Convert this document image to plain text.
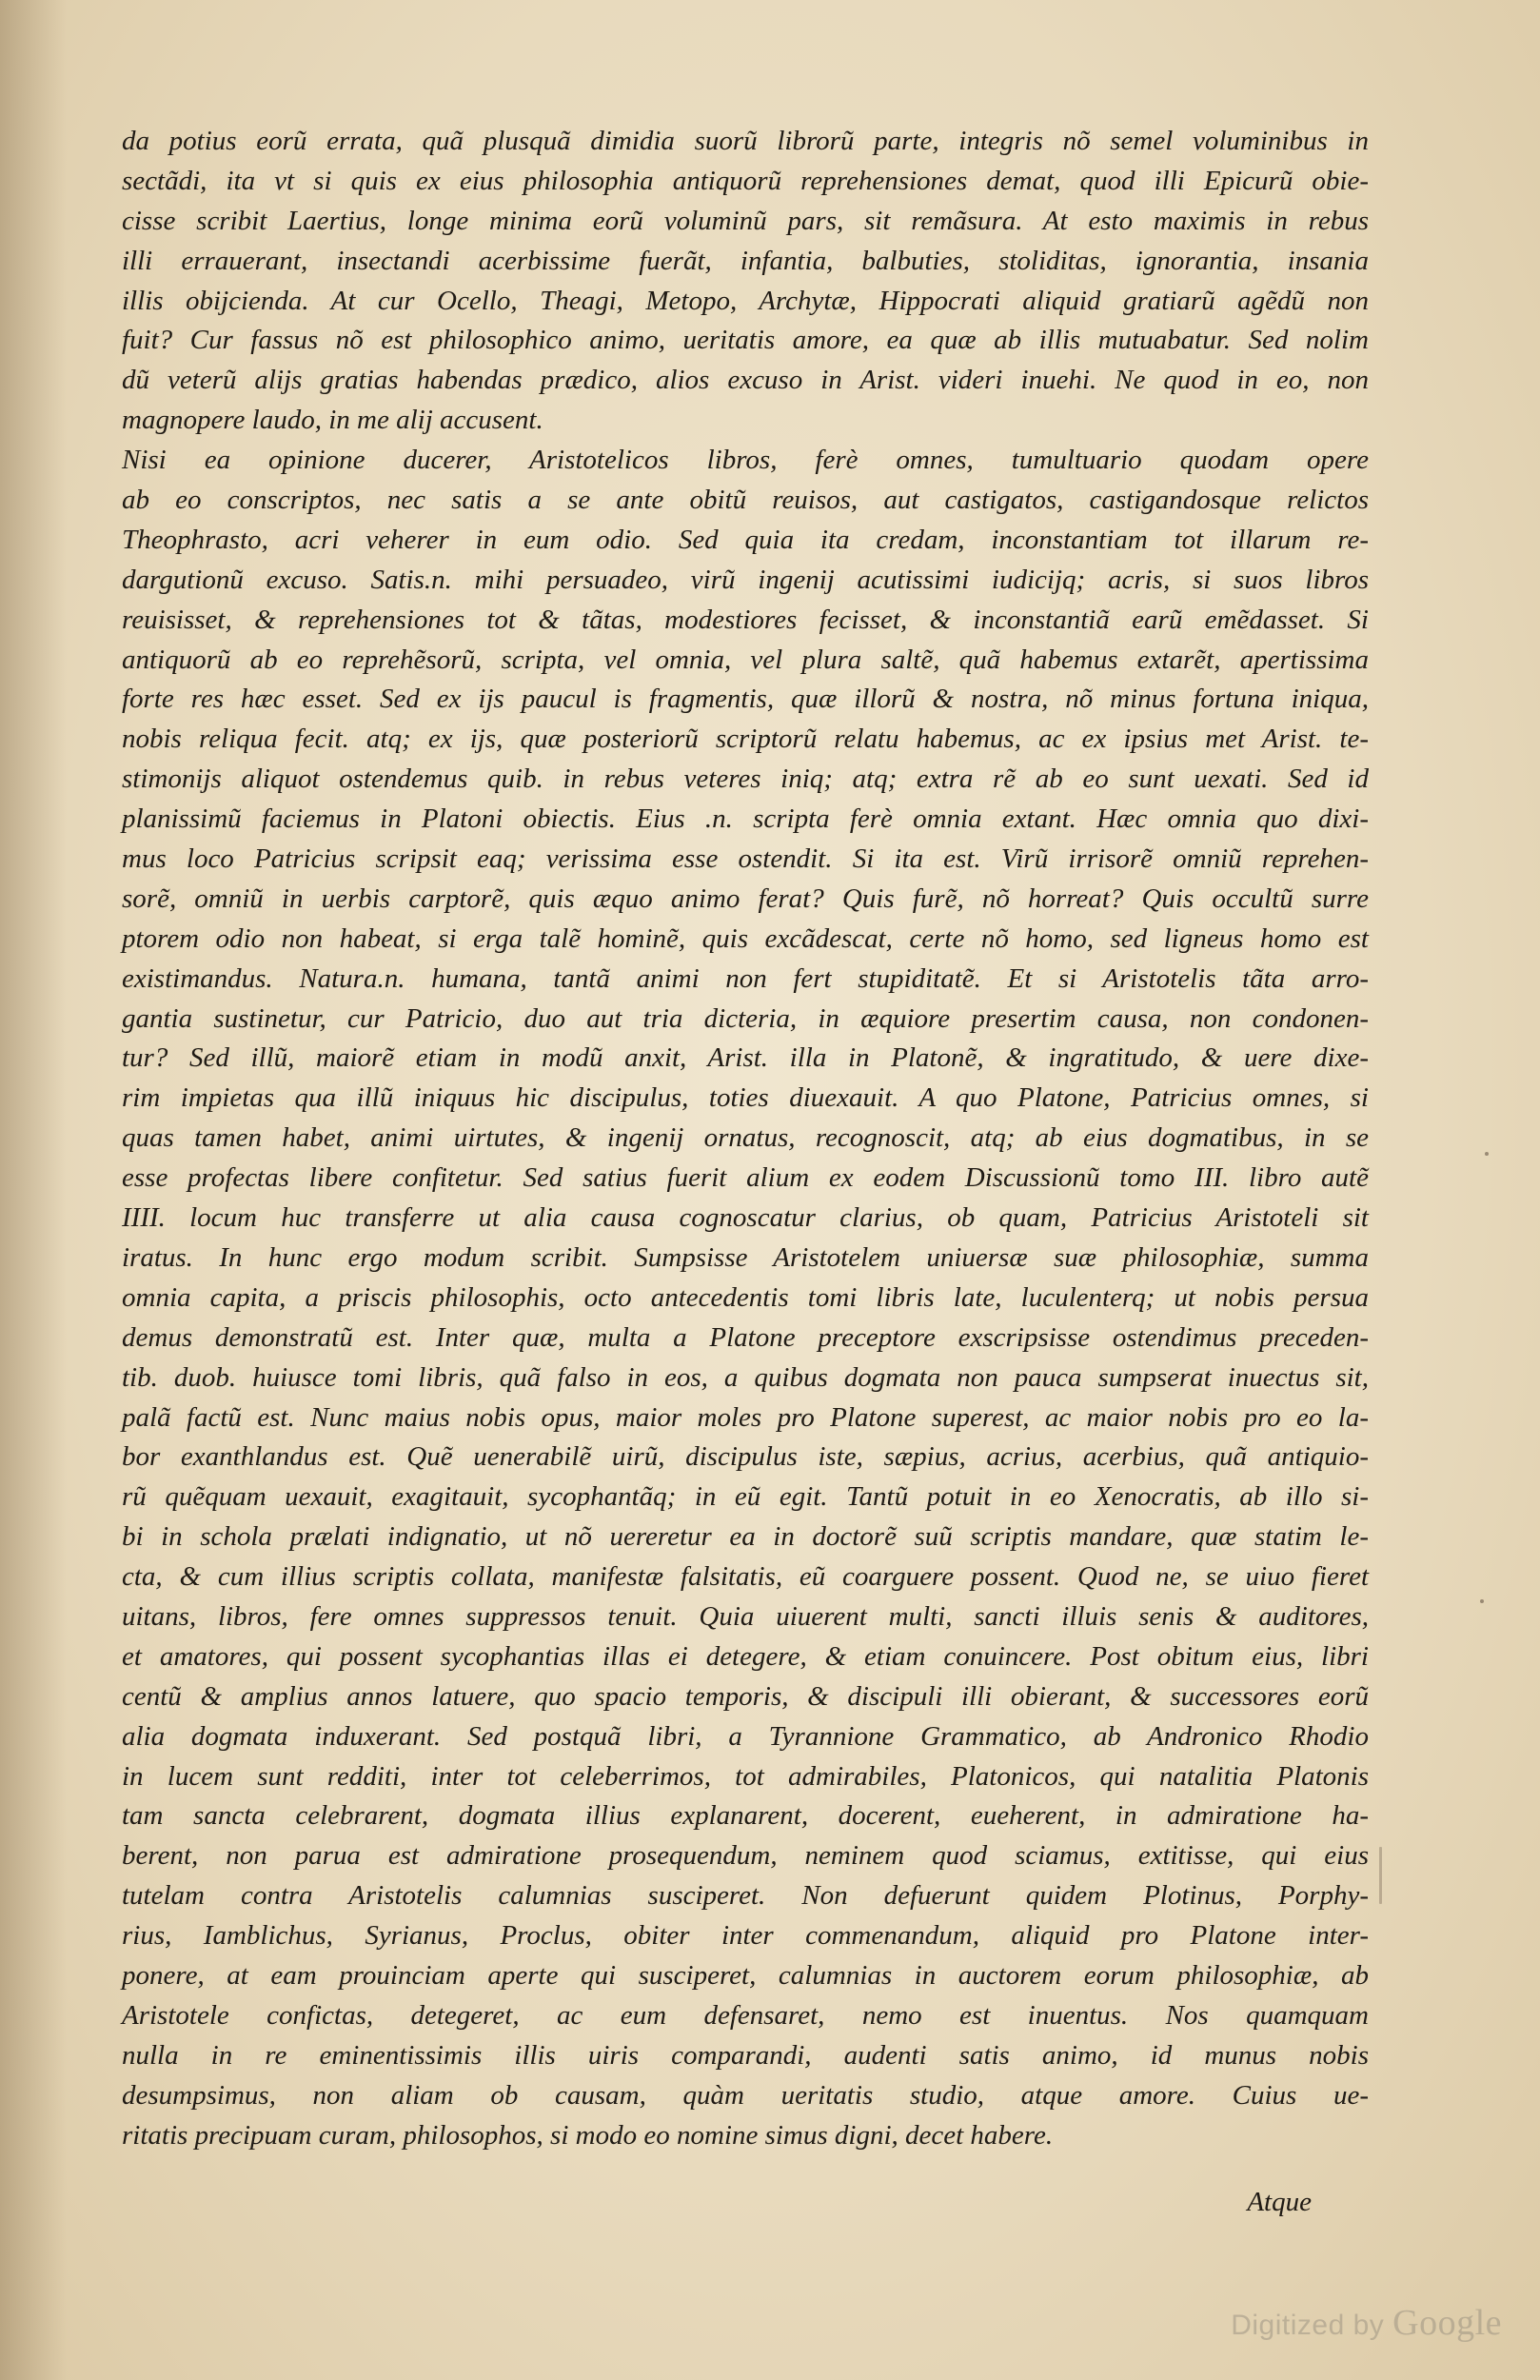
da potius eorũ errata, quã plusquã dimidia suorũ librorũ parte, integris nõ semel voluminibus in
sectãdi, ita vt si quis ex eius philosophia antiquorũ reprehensiones demat, quod illi Epicurũ obie-
cisse scribit Laertius, longe minima eorũ voluminũ pars, sit remãsura. At esto maximis in rebus
illi errauerant, insectandi acerbissime fuerãt, infantia, balbuties, stoliditas, ignorantia, insania
illis obijcienda. At cur Ocello, Theagi, Metopo, Archytæ, Hippocrati aliquid gratiarũ agẽdũ non
fuit? Cur fassus nõ est philosophico animo, ueritatis amore, ea quæ ab illis mutuabatur. Sed nolim
dũ veterũ alijs gratias habendas prædico, alios excuso in Arist. videri inuehi. Ne quod in eo, non
magnopere laudo, in me alij accusent.
Nisi ea opinione ducerer, Aristotelicos libros, ferè omnes, tumultuario quodam opere
ab eo conscriptos, nec satis a se ante obitũ reuisos, aut castigatos, castigandosque relictos
Theophrasto, acri veherer in eum odio. Sed quia ita credam, inconstantiam tot illarum re-
dargutionũ excuso. Satis.n. mihi persuadeo, virũ ingenij acutissimi iudicijq; acris, si suos libros
reuisisset, & reprehensiones tot & tãtas, modestiores fecisset, & inconstantiã earũ emẽdasset. Si
antiquorũ ab eo reprehẽsorũ, scripta, vel omnia, vel plura saltẽ, quã habemus extarẽt, apertissima
forte res hæc esset. Sed ex ijs paucul is fragmentis, quæ illorũ & nostra, nõ minus fortuna iniqua,
nobis reliqua fecit. atq; ex ijs, quæ posteriorũ scriptorũ relatu habemus, ac ex ipsius met Arist. te-
stimonijs aliquot ostendemus quib. in rebus veteres iniq; atq; extra rẽ ab eo sunt uexati. Sed id
planissimũ faciemus in Platoni obiectis. Eius .n. scripta ferè omnia extant. Hæc omnia quo dixi-
mus loco Patricius scripsit eaq; verissima esse ostendit. Si ita est. Virũ irrisorẽ omniũ reprehen-
sorẽ, omniũ in uerbis carptorẽ, quis æquo animo ferat? Quis furẽ, nõ horreat? Quis occultũ surre
ptorem odio non habeat, si erga talẽ hominẽ, quis excãdescat, certe nõ homo, sed ligneus homo est
existimandus. Natura.n. humana, tantã animi non fert stupiditatẽ. Et si Aristotelis tãta arro-
gantia sustinetur, cur Patricio, duo aut tria dicteria, in æquiore presertim causa, non condonen-
tur? Sed illũ, maiorẽ etiam in modũ anxit, Arist. illa in Platonẽ, & ingratitudo, & uere dixe-
rim impietas qua illũ iniquus hic discipulus, toties diuexauit. A quo Platone, Patricius omnes, si
quas tamen habet, animi uirtutes, & ingenij ornatus, recognoscit, atq; ab eius dogmatibus, in se
esse profectas libere confitetur. Sed satius fuerit alium ex eodem Discussionũ tomo III. libro autẽ
IIII. locum huc transferre ut alia causa cognoscatur clarius, ob quam, Patricius Aristoteli sit
iratus. In hunc ergo modum scribit. Sumpsisse Aristotelem uniuersæ suæ philosophiæ, summa
omnia capita, a priscis philosophis, octo antecedentis tomi libris late, luculenterq; ut nobis persua
demus demonstratũ est. Inter quæ, multa a Platone preceptore exscripsisse ostendimus preceden-
tib. duob. huiusce tomi libris, quã falso in eos, a quibus dogmata non pauca sumpserat inuectus sit,
palã factũ est. Nunc maius nobis opus, maior moles pro Platone superest, ac maior nobis pro eo la-
bor exanthlandus est. Quẽ uenerabilẽ uirũ, discipulus iste, sæpius, acrius, acerbius, quã antiquio-
rũ quẽquam uexauit, exagitauit, sycophantãq; in eũ egit. Tantũ potuit in eo Xenocratis, ab illo si-
bi in schola prælati indignatio, ut nõ uereretur ea in doctorẽ suũ scriptis mandare, quæ statim le-
cta, & cum illius scriptis collata, manifestæ falsitatis, eũ coarguere possent. Quod ne, se uiuo fieret
uitans, libros, fere omnes suppressos tenuit. Quia uiuerent multi, sancti illuis senis & auditores,
et amatores, qui possent sycophantias illas ei detegere, & etiam conuincere. Post obitum eius, libri
centũ & amplius annos latuere, quo spacio temporis, & discipuli illi obierant, & successores eorũ
alia dogmata induxerant. Sed postquã libri, a Tyrannione Grammatico, ab Andronico Rhodio
in lucem sunt redditi, inter tot celeberrimos, tot admirabiles, Platonicos, qui natalitia Platonis
tam sancta celebrarent, dogmata illius explanarent, docerent, eueherent, in admiratione ha-
berent, non parua est admiratione prosequendum, neminem quod sciamus, extitisse, qui eius
tutelam contra Aristotelis calumnias susciperet. Non defuerunt quidem Plotinus, Porphy-
rius, Iamblichus, Syrianus, Proclus, obiter inter commenandum, aliquid pro Platone inter-
ponere, at eam prouinciam aperte qui susciperet, calumnias in auctorem eorum philosophiæ, ab
Aristotele confictas, detegeret, ac eum defensaret, nemo est inuentus. Nos quamquam
nulla in re eminentissimis illis uiris comparandi, audenti satis animo, id munus nobis
desumpsimus, non aliam ob causam, quàm ueritatis studio, atque amore. Cuius ue-
ritatis precipuam curam, philosophos, si modo eo nomine simus digni, decet habere.
Atque
Digitized by Google
